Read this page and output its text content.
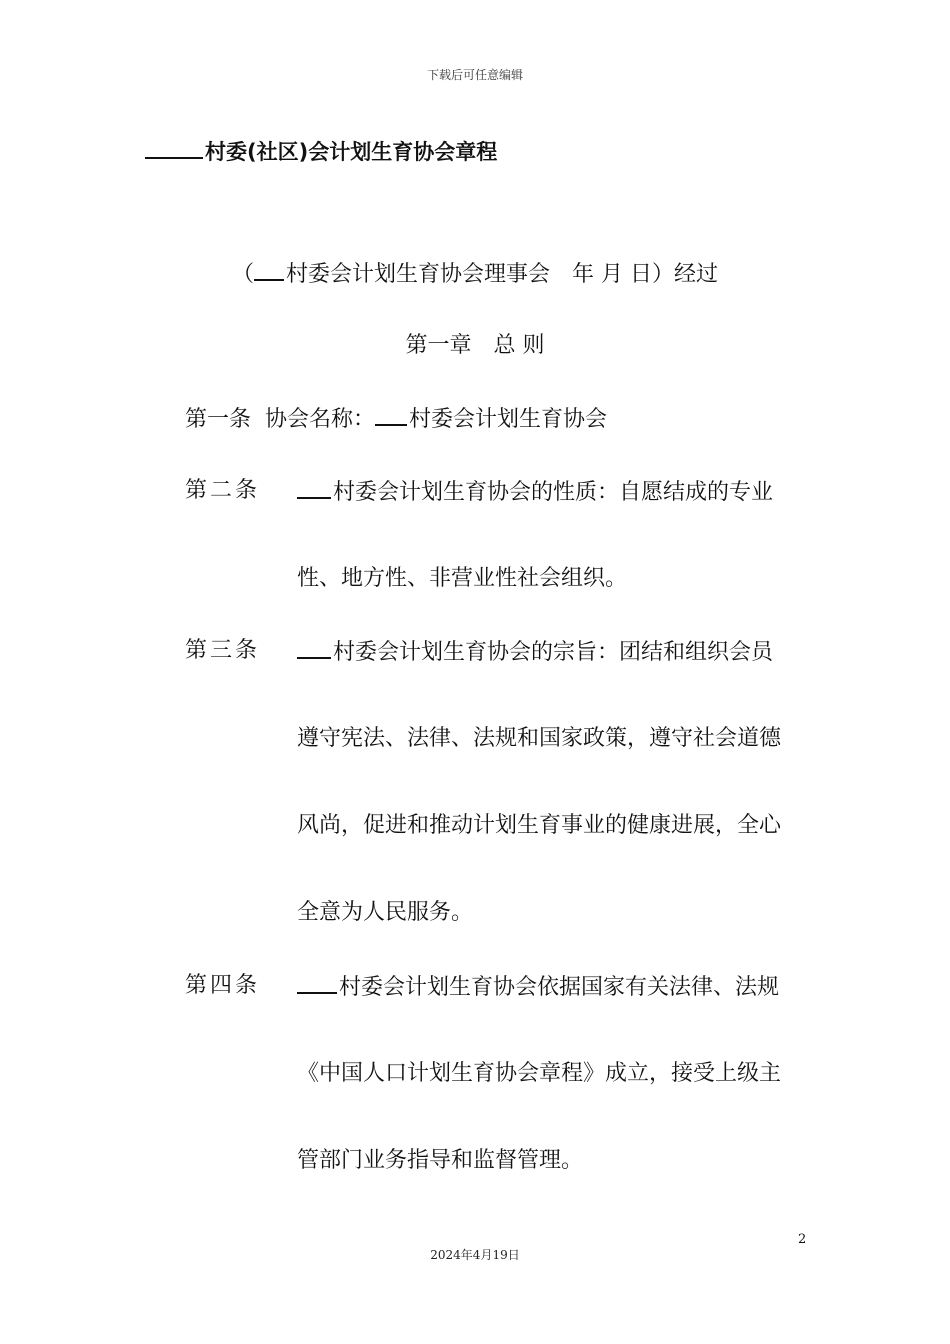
下载后可任意编辑
村委(社区)会计划生育协会章程
（ 村委会计划生育协会理事会　年 月 日）经过
第一章　总 则
第一条 协会名称： 村委会计划生育协会
第二条	村委会计划生育协会的性质：自愿结成的专业
性、地方性、非营业性社会组织。
第三条	村委会计划生育协会的宗旨：团结和组织会员
遵守宪法、法律、法规和国家政策，遵守社会道德
风尚，促进和推动计划生育事业的健康进展，全心
全意为人民服务。
第四条	村委会计划生育协会依据国家有关法律、法规
《中国人口计划生育协会章程》成立，接受上级主
管部门业务指导和监督管理。
2
2024年4月19日
